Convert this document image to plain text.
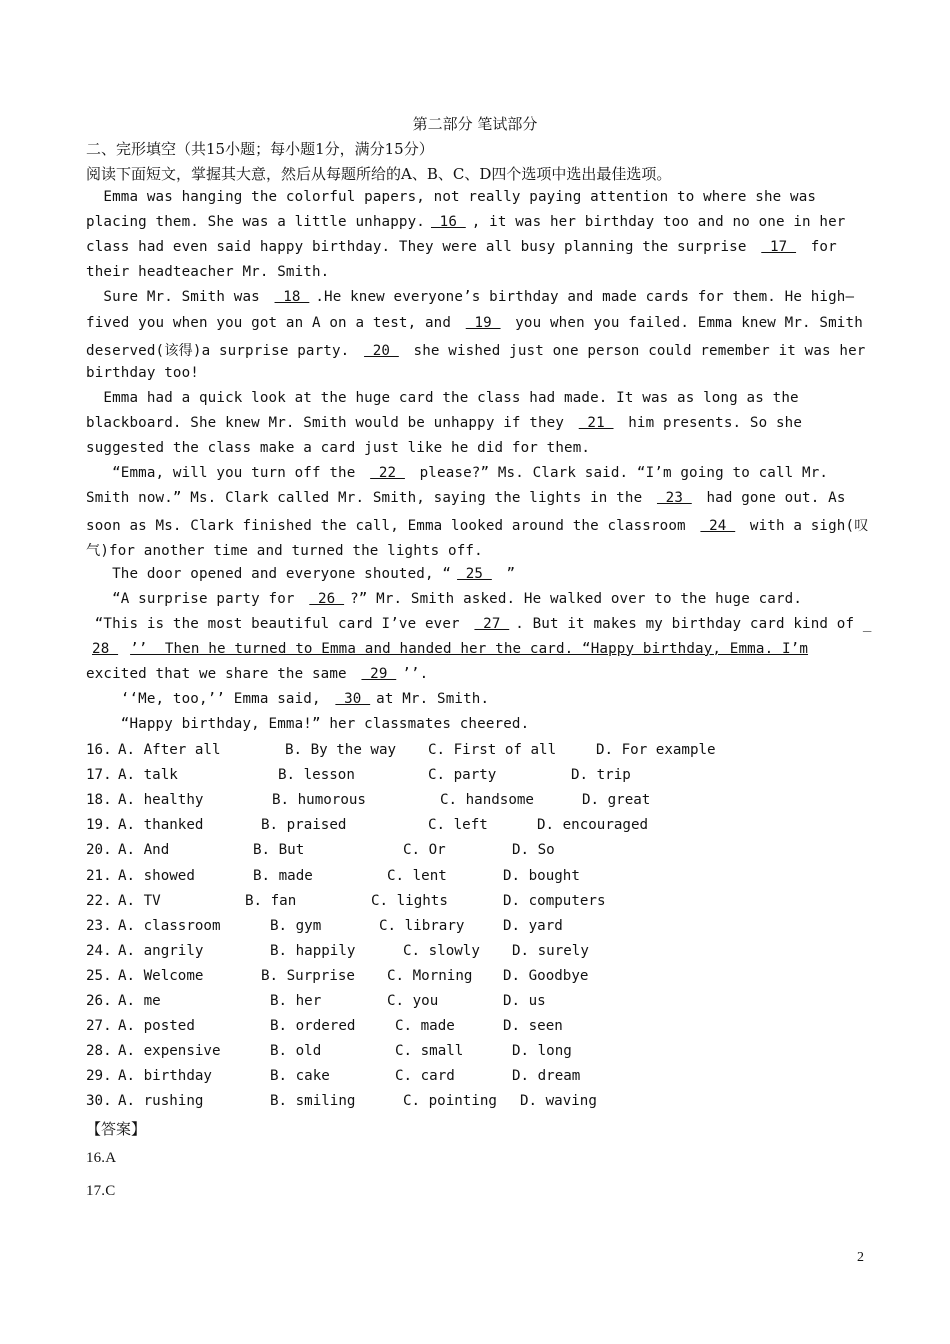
第二部分 笔试部分
二、完形填空（共15小题；每小题1分，满分15分）
阅读下面短文，掌握其大意，然后从每题所给的A、B、C、D四个选项中选出最佳选项。
Emma was hanging the colorful papers, not really paying attention to where she was
placing them. She was a little unhappy. 16 , it was her birthday too and no one in her
class had even said happy birthday. They were all busy planning the surprise  17  for
their headteacher Mr. Smith.
Sure Mr. Smith was  18 .He knew everyone’s birthday and made cards for them. He high—
fived you when you got an A on a test, and  19  you when you failed. Emma knew Mr. Smith
deserved(该得)a surprise party.  20  she wished just one person could remember it was her
birthday too!
Emma had a quick look at the huge card the class had made. It was as long as the
blackboard. She knew Mr. Smith would be unhappy if they  21  him presents. So she
suggested the class make a card just like he did for them.
“Emma, will you turn off the  22  please?” Ms. Clark said. “I’m going to call Mr.
Smith now.” Ms. Clark called Mr. Smith, saying the lights in the  23  had gone out. As
soon as Ms. Clark finished the call, Emma looked around the classroom  24  with a sigh(叹
气)for another time and turned the lights off.
The door opened and everyone shouted, “ 25  ”
“A surprise party for  26 ?” Mr. Smith asked. He walked over to the huge card.
“This is the most beautiful card I’ve ever  27 . But it makes my birthday card kind of _
28 ’’  Then he turned to Emma and handed her the card. “Happy birthday, Emma. I’m
excited that we share the same  29 ’’.
‘‘Me, too,’’ Emma said,  30 at Mr. Smith.
“Happy birthday, Emma!” her classmates cheered.
16. A. After all	B. By the way C. First of all	D. For example
17. A. talk	B. lesson	C. party	D. trip
18. A. healthy	B. humorous	C. handsome	D. great
19. A. thanked	B. praised	C. left	D. encouraged
20. A. And	B. But	C. Or	D. So
21. A. showed	B. made	C. lent	D. bought
22. A. TV	B. fan	C. lights	D. computers
23. A. classroom	B. gym	C. library	D. yard
24. A. angrily	B. happily	C. slowly D. surely
25. A. Welcome	B. Surprise C. Morning D. Goodbye
26. A. me	B. her	C. you	D. us
27. A. posted	B. ordered	C. made	D. seen
28. A. expensive	B. old	C. small	D. long
29. A. birthday	B. cake	C. card	D. dream
30. A. rushing	B. smiling	C. pointing D. waving
【答案】
16.A
17.C
2
